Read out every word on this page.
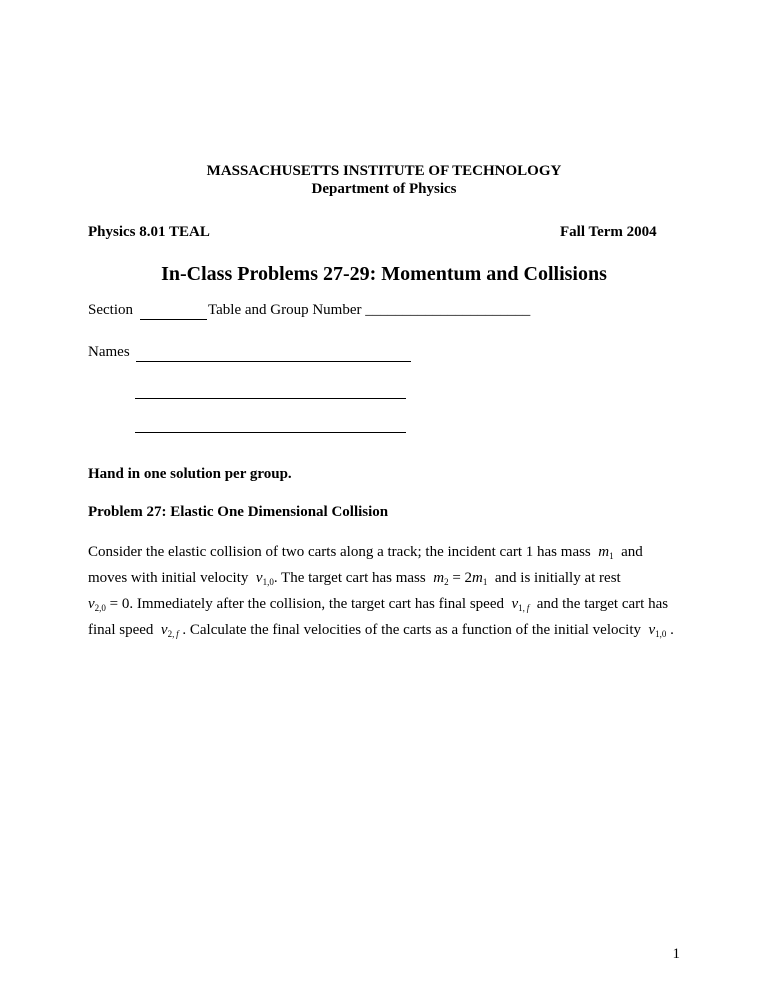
MASSACHUSETTS INSTITUTE OF TECHNOLOGY
Department of Physics
Physics 8.01 TEAL	Fall Term 2004
In-Class Problems 27-29: Momentum and Collisions
Section	Table and Group Number ______________________
Names
Hand in one solution per group.
Problem 27: Elastic One Dimensional Collision
Consider the elastic collision of two carts along a track; the incident cart 1 has mass $m_1$ and
moves with initial velocity $v_{1,0}$. The target cart has mass $m_2 = 2m_1$ and is initially at rest
$v_{2,0} = 0$. Immediately after the collision, the target cart has final speed $v_{1, f}$ and the target cart has
final speed $v_{2, f}$ . Calculate the final velocities of the carts as a function of the initial velocity $v_{1,0}$ .
1
